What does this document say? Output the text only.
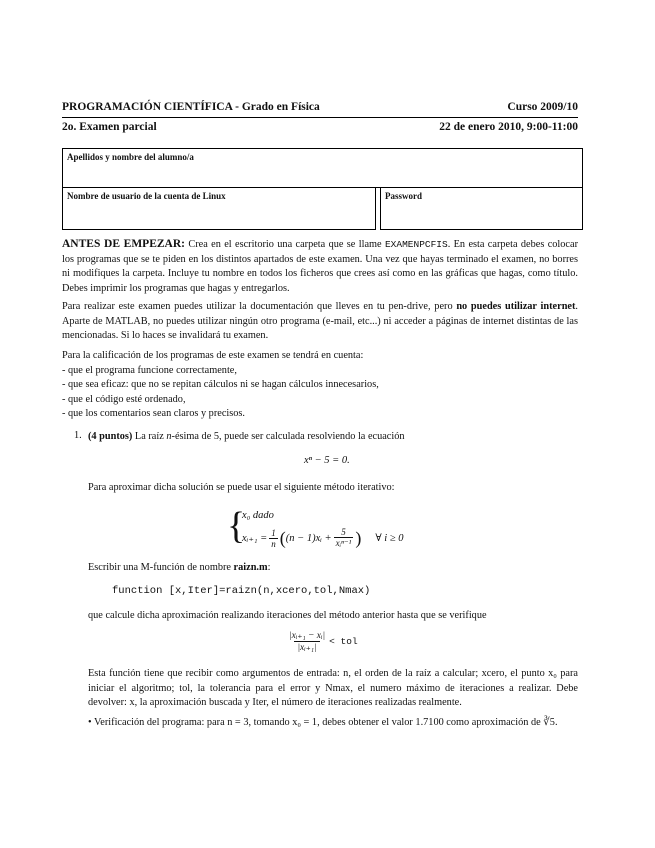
PROGRAMACIÓN CIENTÍFICA - Grado en Física	Curso 2009/10
2o. Examen parcial	22 de enero 2010, 9:00-11:00
Apellidos y nombre del alumno/a
Nombre de usuario de la cuenta de Linux	Password
ANTES DE EMPEZAR: Crea en el escritorio una carpeta que se llame EXAMENPCFIS. En esta carpeta debes colocar los programas que se te piden en los distintos apartados de este examen. Una vez que hayas terminado el examen, no borres ni modifiques la carpeta. Incluye tu nombre en todos los ficheros que crees así como en las gráficas que hagas, como título. Debes imprimir los programas que hagas y entregarlos.
Para realizar este examen puedes utilizar la documentación que lleves en tu pen-drive, pero no puedes utilizar internet. Aparte de MATLAB, no puedes utilizar ningún otro programa (e-mail, etc...) ni acceder a páginas de internet distintas de las mencionadas. Si lo haces se invalidará tu examen.
Para la calificación de los programas de este examen se tendrá en cuenta:
- que el programa funcione correctamente,
- que sea eficaz: que no se repitan cálculos ni se hagan cálculos innecesarios,
- que el código esté ordenado,
- que los comentarios sean claros y precisos.
1. (4 puntos) La raíz n-ésima de 5, puede ser calculada resolviendo la ecuación
xⁿ − 5 = 0.
Para aproximar dicha solución se puede usar el siguiente método iterativo:
{
x₀ dado
xᵢ₊₁ = $\frac{1}{n}$ ( (n − 1)xᵢ +
5
xᵢⁿ⁻¹ ) ∀ i ≥ 0
Escribir una M-función de nombre raizn.m:
function [x,Iter]=raizn(n,xcero,tol,Nmax)
que calcule dicha aproximación realizando iteraciones del método anterior hasta que se verifique
$\frac{\text{|xᵢ₊₁ − xᵢ|}}{\text{|xᵢ₊₁|}}$ < tol
Esta función tiene que recibir como argumentos de entrada: n, el orden de la raíz a calcular; xcero, el punto x₀ para iniciar el algoritmo; tol, la tolerancia para el error y Nmax, el numero máximo de iteraciones a realizar. Debe devolver: x, la aproximación buscada y Iter, el número de iteraciones realizadas realmente.
• Verificación del programa: para n = 3, tomando x₀ = 1, debes obtener el valor 1.7100 como aproximación de ∛5.
